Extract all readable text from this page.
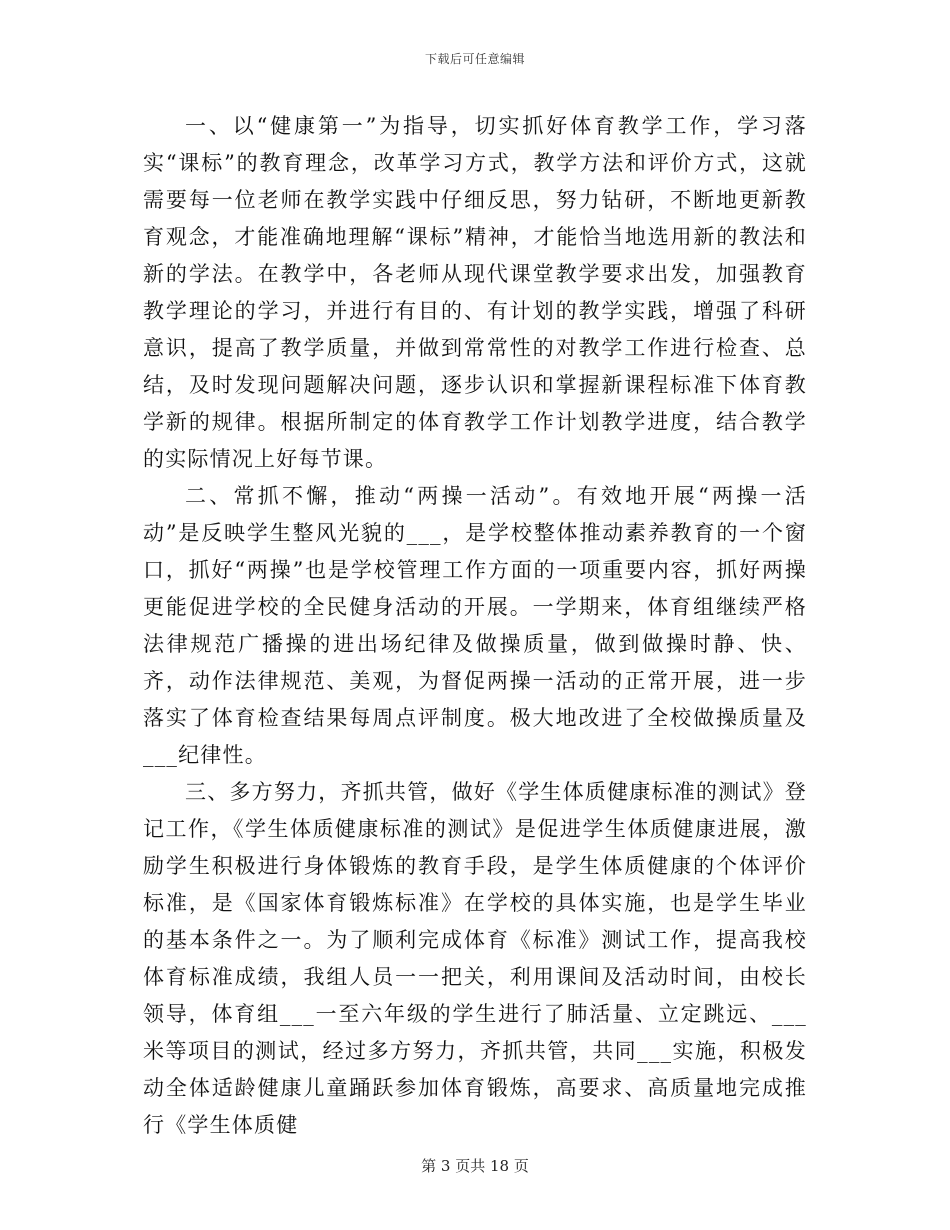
下载后可任意编辑

一、以“健康第一”为指导，切实抓好体育教学工作，学习落实“课标”的教育理念，改革学习方式，教学方法和评价方式，这就需要每一位老师在教学实践中仔细反思，努力钻研，不断地更新教育观念，才能准确地理解“课标”精神，才能恰当地选用新的教法和新的学法。在教学中，各老师从现代课堂教学要求出发，加强教育教学理论的学习，并进行有目的、有计划的教学实践，增强了科研意识，提高了教学质量，并做到常常性的对教学工作进行检查、总结，及时发现问题解决问题，逐步认识和掌握新课程标准下体育教学新的规律。根据所制定的体育教学工作计划教学进度，结合教学的实际情况上好每节课。

二、常抓不懈，推动“两操一活动”。有效地开展“两操一活动”是反映学生整风光貌的___，是学校整体推动素养教育的一个窗口，抓好“两操”也是学校管理工作方面的一项重要内容，抓好两操更能促进学校的全民健身活动的开展。一学期来，体育组继续严格法律规范广播操的进出场纪律及做操质量，做到做操时静、快、齐，动作法律规范、美观，为督促两操一活动的正常开展，进一步落实了体育检查结果每周点评制度。极大地改进了全校做操质量及___纪律性。

三、多方努力，齐抓共管，做好《学生体质健康标准的测试》登记工作，《学生体质健康标准的测试》是促进学生体质健康进展，激励学生积极进行身体锻炼的教育手段，是学生体质健康的个体评价标准，是《国家体育锻炼标准》在学校的具体实施，也是学生毕业的基本条件之一。为了顺利完成体育《标准》测试工作，提高我校体育标准成绩，我组人员一一把关，利用课间及活动时间，由校长领导，体育组___一至六年级的学生进行了肺活量、立定跳远、___米等项目的测试，经过多方努力，齐抓共管，共同___实施，积极发动全体适龄健康儿童踊跃参加体育锻炼，高要求、高质量地完成推行《学生体质健

第 3 页共 18 页
